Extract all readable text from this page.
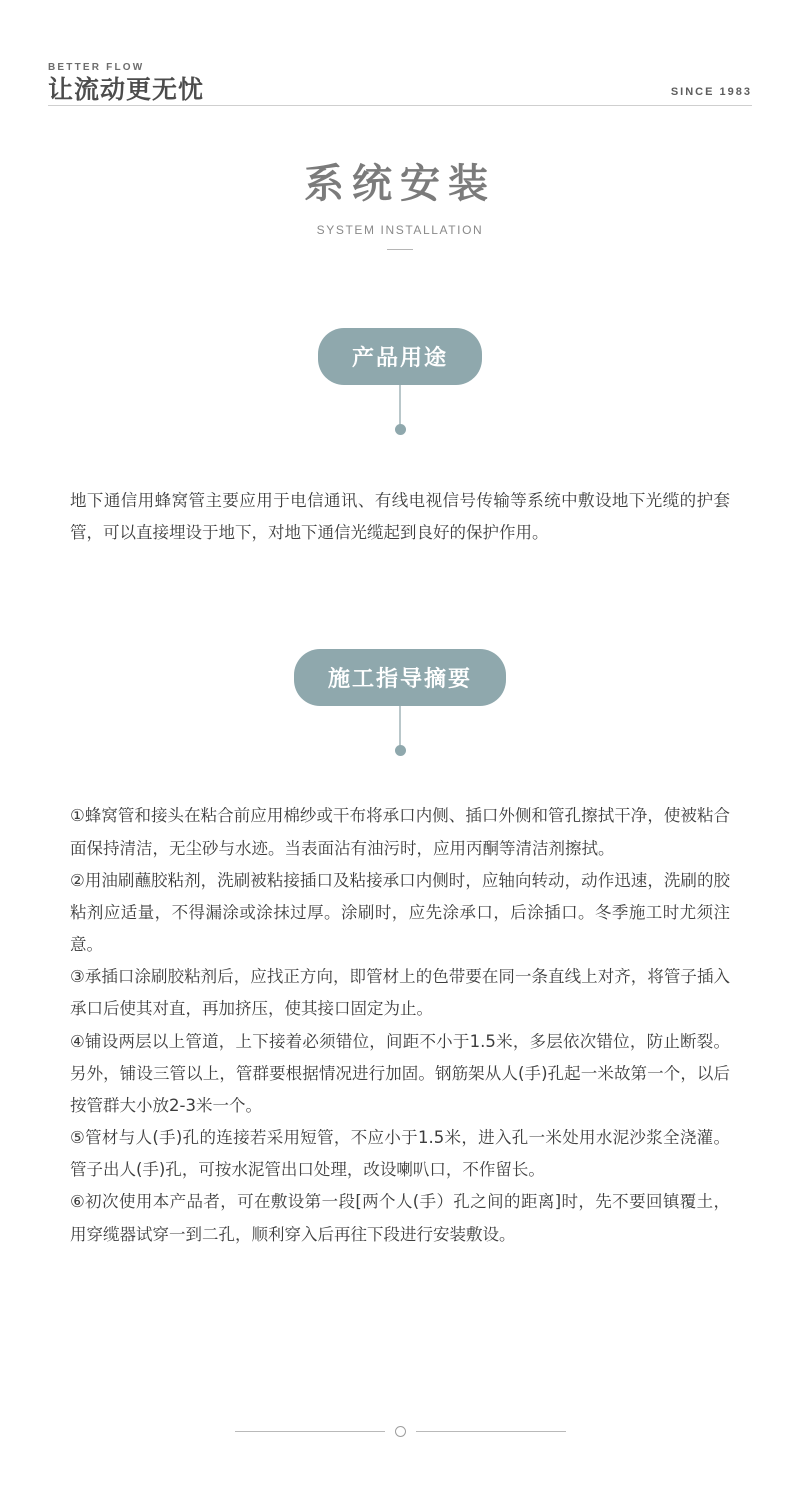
BETTER FLOW
让流动更无忧	SINCE 1983
系统安装
SYSTEM INSTALLATION
产品用途

地下通信用蜂窝管主要应用于电信通讯、有线电视信号传输等系统中敷设地下光缆的护套管，可以直接埋设于地下，对地下通信光缆起到良好的保护作用。

施工指导摘要

①蜂窝管和接头在粘合前应用棉纱或干布将承口内侧、插口外侧和管孔擦拭干净，使被粘合面保持清洁，无尘砂与水迹。当表面沾有油污时，应用丙酮等清洁剂擦拭。

②用油刷蘸胶粘剂，洗刷被粘接插口及粘接承口内侧时，应轴向转动，动作迅速，洗刷的胶粘剂应适量，不得漏涂或涂抹过厚。涂刷时，应先涂承口，后涂插口。冬季施工时尤须注意。

③承插口涂刷胶粘剂后，应找正方向，即管材上的色带要在同一条直线上对齐，将管子插入承口后使其对直，再加挤压，使其接口固定为止。

④铺设两层以上管道，上下接着必须错位，间距不小于1.5米，多层依次错位，防止断裂。另外，铺设三管以上，管群要根据情况进行加固。钢筋架从人(手)孔起一米故第一个，以后按管群大小放2-3米一个。

⑤管材与人(手)孔的连接若采用短管，不应小于1.5米，进入孔一米处用水泥沙浆全浇灌。管子出人(手)孔，可按水泥管出口处理，改设喇叭口，不作留长。

⑥初次使用本产品者，可在敷设第一段[两个人(手）孔之间的距离]时，先不要回镇覆土，用穿缆器试穿一到二孔，顺利穿入后再往下段进行安装敷设。
